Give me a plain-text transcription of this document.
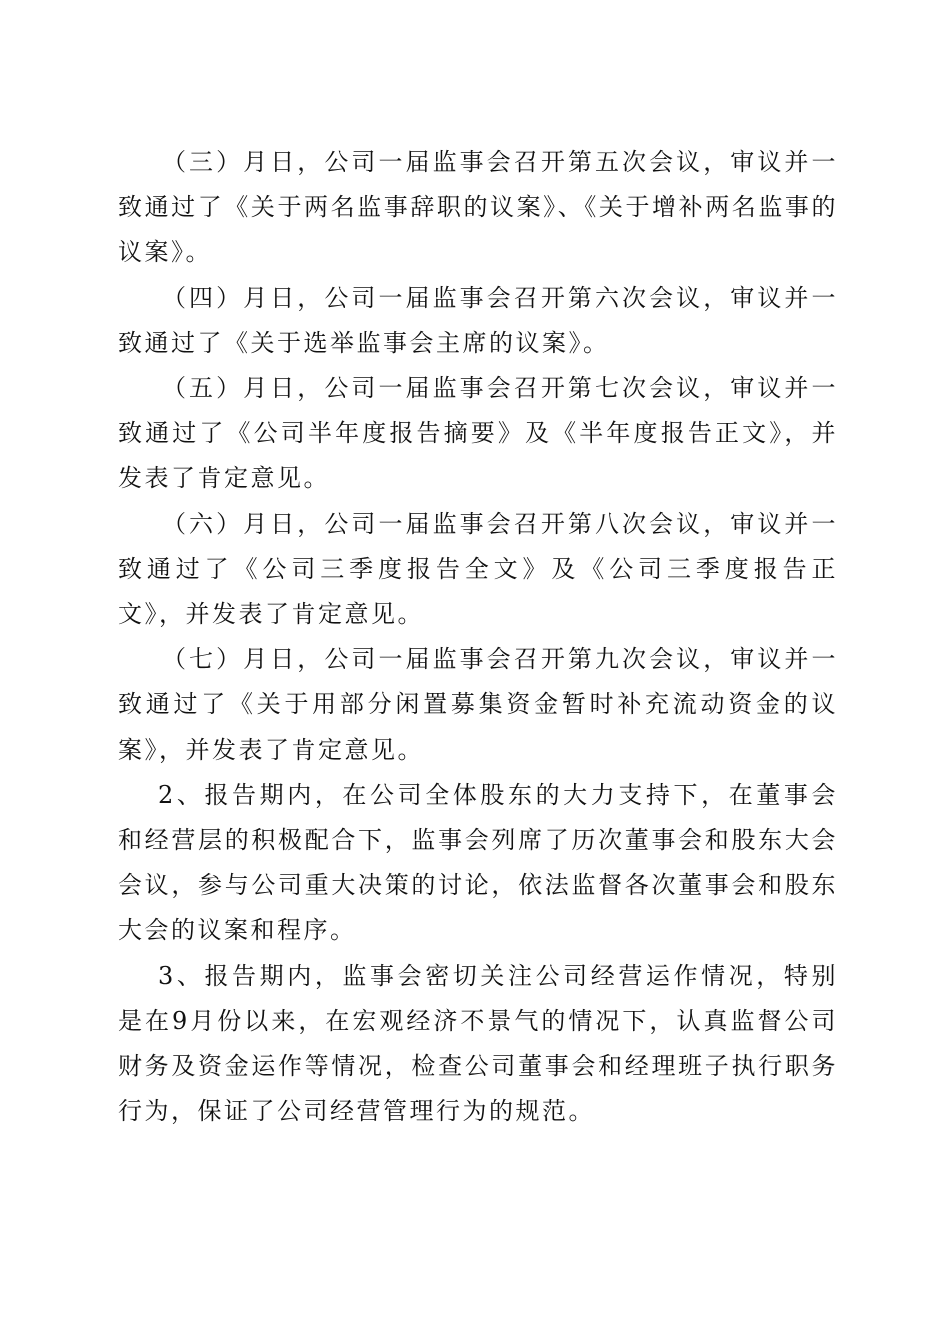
（三）月日，公司一届监事会召开第五次会议，审议并一致通过了《关于两名监事辞职的议案》、《关于增补两名监事的议案》。

（四）月日，公司一届监事会召开第六次会议，审议并一致通过了《关于选举监事会主席的议案》。

（五）月日，公司一届监事会召开第七次会议，审议并一致通过了《公司半年度报告摘要》及《半年度报告正文》，并发表了肯定意见。

（六）月日，公司一届监事会召开第八次会议，审议并一致通过了《公司三季度报告全文》及《公司三季度报告正文》，并发表了肯定意见。

（七）月日，公司一届监事会召开第九次会议，审议并一致通过了《关于用部分闲置募集资金暂时补充流动资金的议案》，并发表了肯定意见。

2、报告期内，在公司全体股东的大力支持下，在董事会和经营层的积极配合下，监事会列席了历次董事会和股东大会会议，参与公司重大决策的讨论，依法监督各次董事会和股东大会的议案和程序。

3、报告期内，监事会密切关注公司经营运作情况，特别是在9月份以来，在宏观经济不景气的情况下，认真监督公司财务及资金运作等情况，检查公司董事会和经理班子执行职务行为，保证了公司经营管理行为的规范。
